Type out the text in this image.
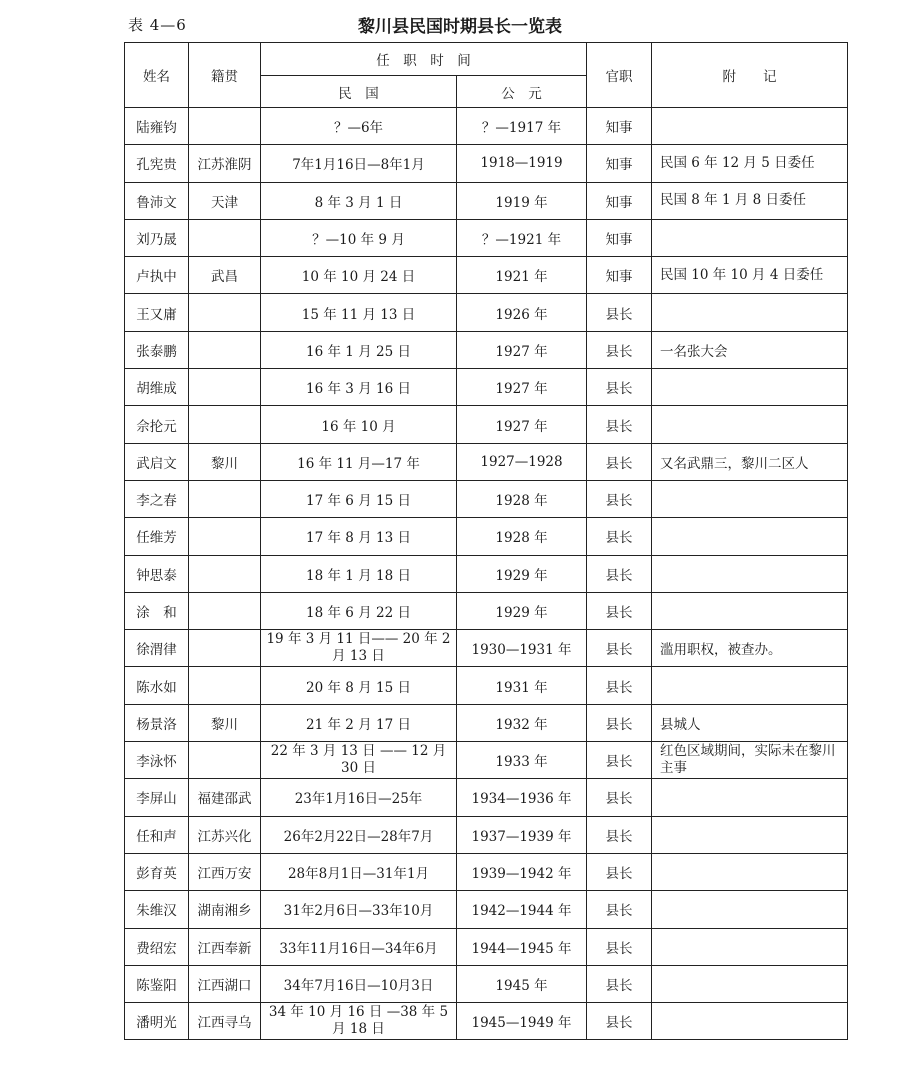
表 4—6	黎川县民国时期县长一览表
姓名	籍贯	任　职　时　间		官职	附　　记
		民　国	公　元		
陆雍钧		？—6年	？—1917 年	知事	
孔宪贵	江苏淮阴	7年1月16日—8年1月	1918—1919	知事	民国 6 年 12 月 5 日委任
鲁沛文	天津	8 年 3 月 1 日	1919 年	知事	民国 8 年 1 月 8 日委任
刘乃晟		？—10 年 9 月	？—1921 年	知事	
卢执中	武昌	10 年 10 月 24 日	1921 年	知事	民国 10 年 10 月 4 日委任
王又庸		15 年 11 月 13 日	1926 年	县长	
张泰鹏		16 年 1 月 25 日	1927 年	县长	一名张大会
胡维成		16 年 3 月 16 日	1927 年	县长	
佘抡元		16 年 10 月	1927 年	县长	
武启文	黎川	16 年 11 月—17 年	1927—1928	县长	又名武鼎三，黎川二区人
李之春		17 年 6 月 15 日	1928 年	县长	
任维芳		17 年 8 月 13 日	1928 年	县长	
钟思泰		18 年 1 月 18 日	1929 年	县长	
涂　和		18 年 6 月 22 日	1929 年	县长	
徐渭律		19 年 3 月 11 日—— 20 年 2 月 13 日	1930—1931 年	县长	滥用职权，被查办。
陈水如		20 年 8 月 15 日	1931 年	县长	
杨景洛	黎川	21 年 2 月 17 日	1932 年	县长	县城人
李泳怀		22 年 3 月 13 日 —— 12 月 30 日	1933 年	县长	红色区域期间，实际未在黎川主事
李屏山	福建邵武	23年1月16日—25年	1934—1936 年	县长	
任和声	江苏兴化	26年2月22日—28年7月	1937—1939 年	县长	
彭育英	江西万安	28年8月1日—31年1月	1939—1942 年	县长	
朱维汉	湖南湘乡	31年2月6日—33年10月	1942—1944 年	县长	
费绍宏	江西奉新	33年11月16日—34年6月	1944—1945 年	县长	
陈鉴阳	江西湖口	34年7月16日—10月3日	1945 年	县长	
潘明光	江西寻乌	34 年 10 月 16 日 —38 年 5 月 18 日	1945—1949 年	县长	
